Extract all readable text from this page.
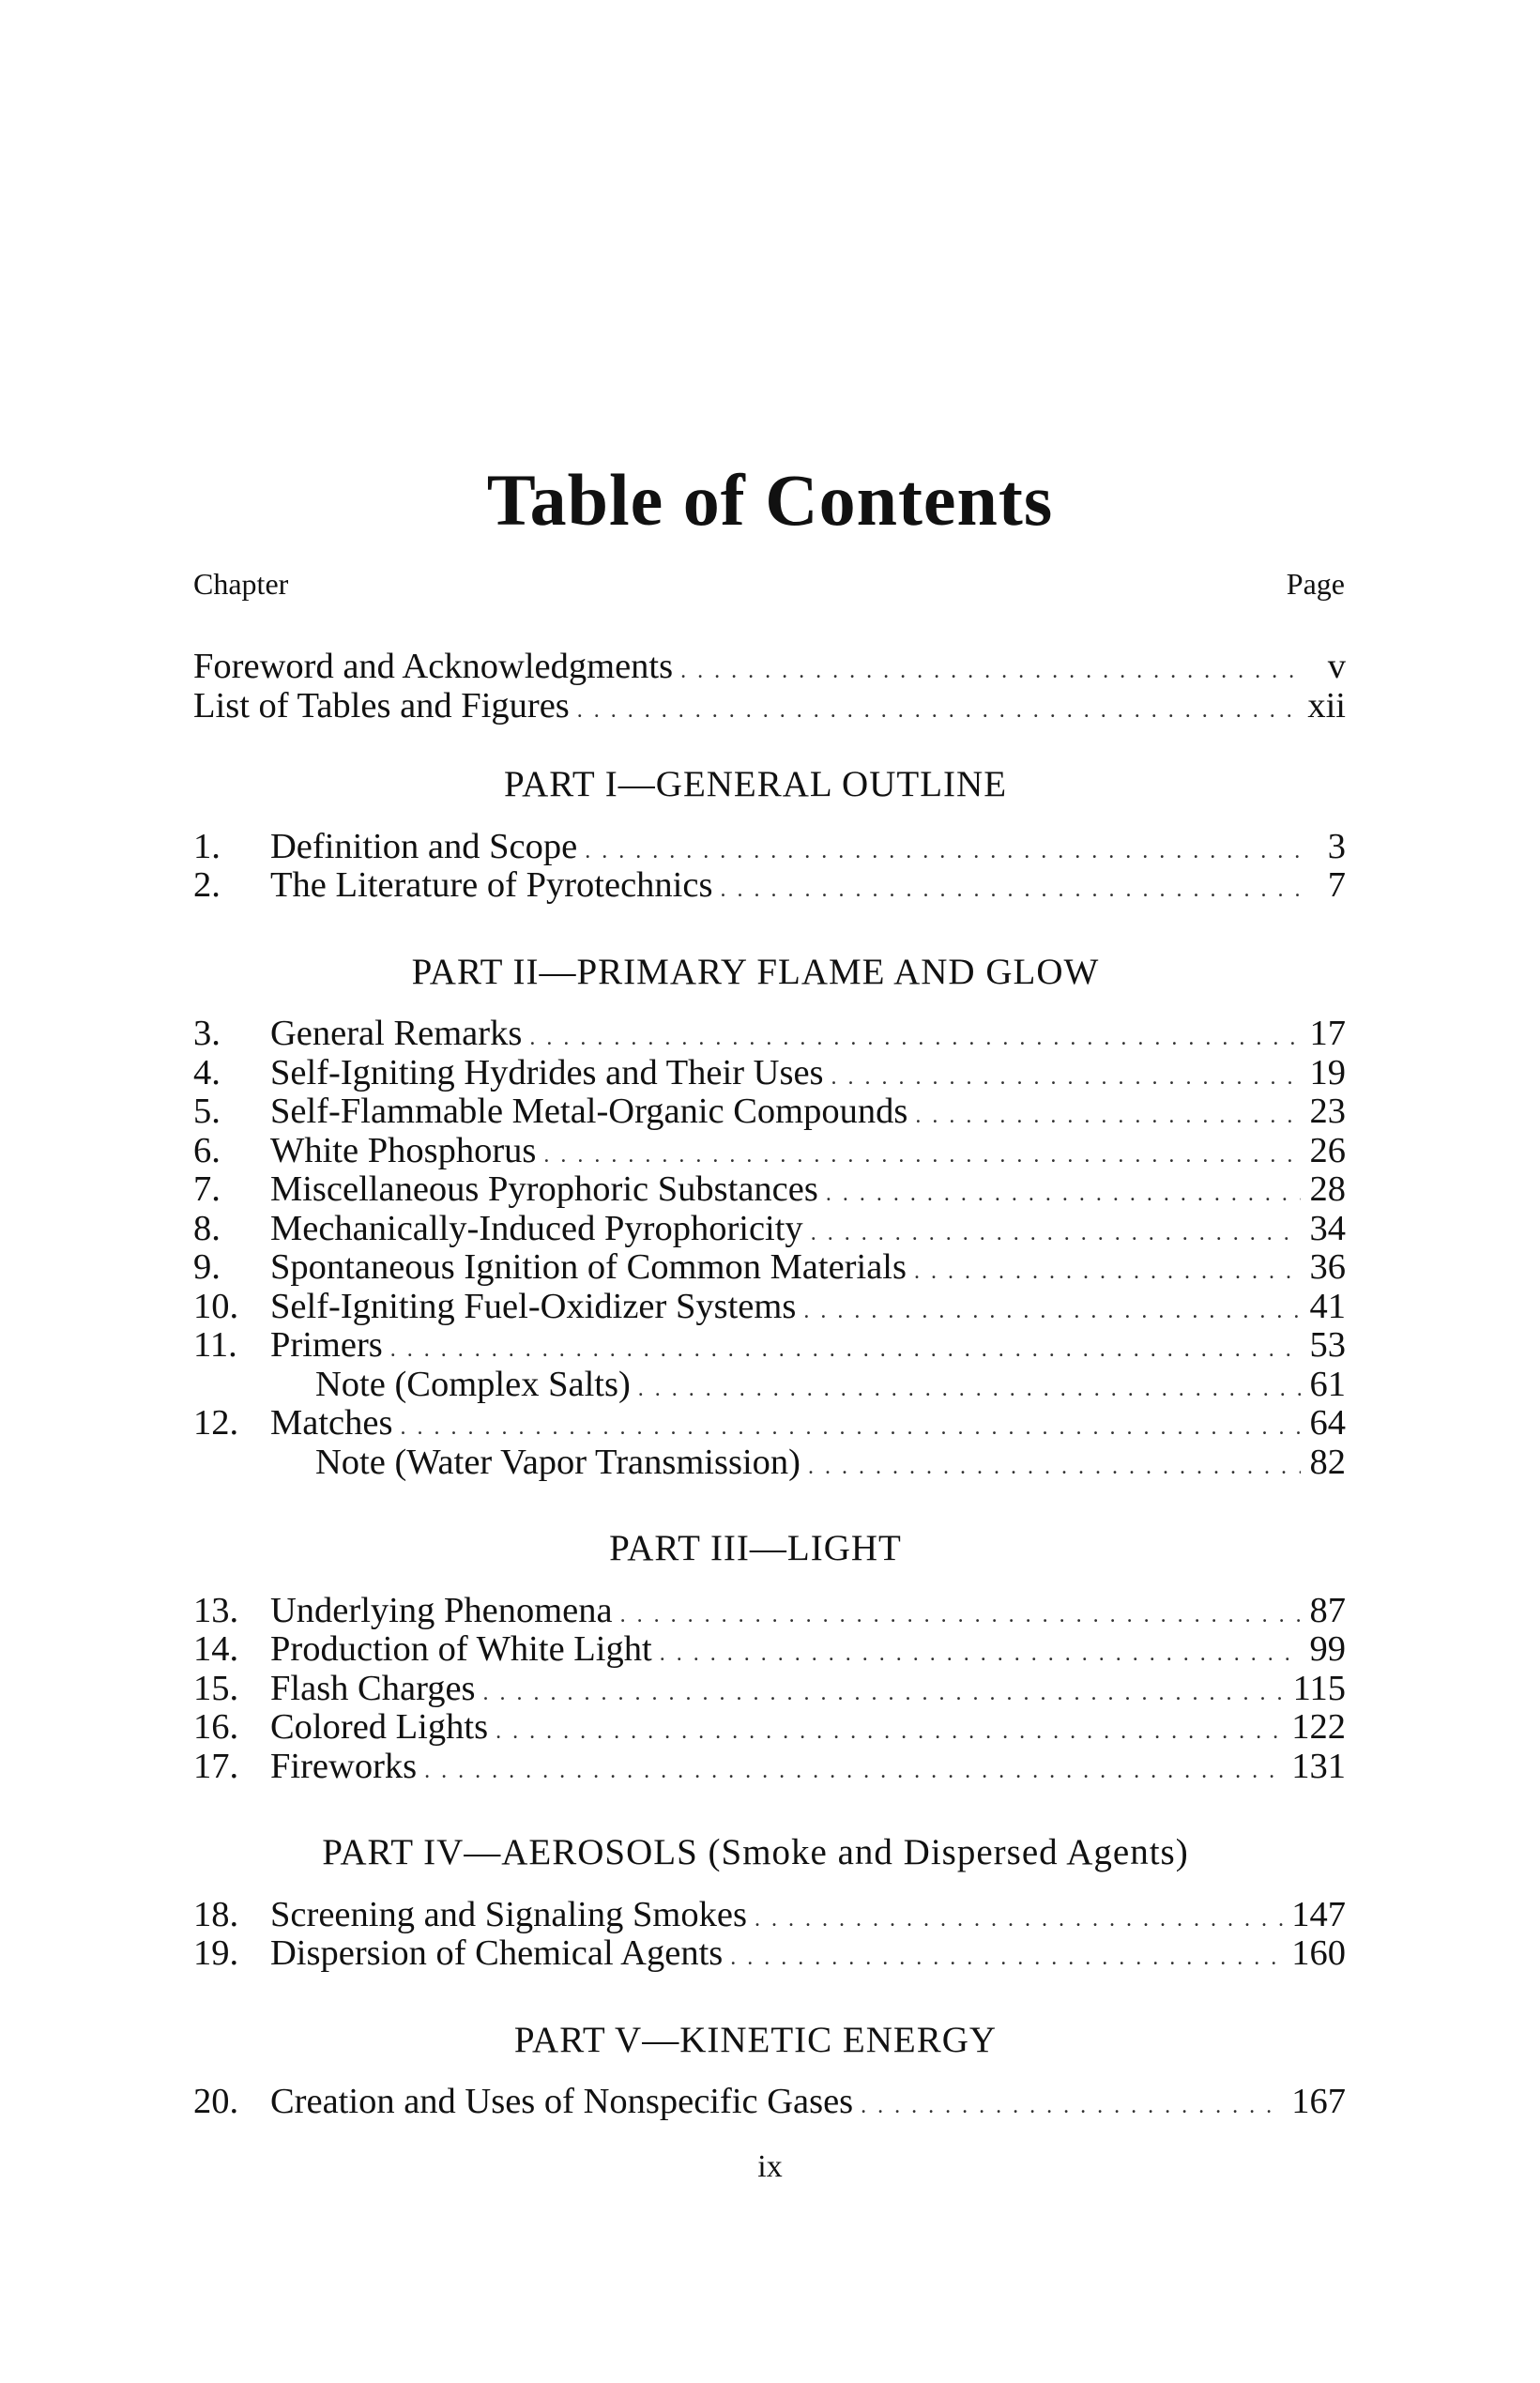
Table of Contents
Chapter	Page
Foreword and Acknowledgments . . .	v
List of Tables and Figures . . .	xii
PART I—GENERAL OUTLINE
1.	Definition and Scope . . .	3
2.	The Literature of Pyrotechnics . . .	7
PART II—PRIMARY FLAME AND GLOW
3.	General Remarks . . .	17
4.	Self-Igniting Hydrides and Their Uses . . .	19
5.	Self-Flammable Metal-Organic Compounds . . .	23
6.	White Phosphorus . . .	26
7.	Miscellaneous Pyrophoric Substances . . .	28
8.	Mechanically-Induced Pyrophoricity . . .	34
9.	Spontaneous Ignition of Common Materials . . .	36
10. Self-Igniting Fuel-Oxidizer Systems . . .	41
11. Primers . . .	53
Note (Complex Salts) . . .	61
12. Matches . . .	64
Note (Water Vapor Transmission) . . .	82
PART III—LIGHT
13. Underlying Phenomena . . .	87
14. Production of White Light . . .	99
15. Flash Charges . . .	115
16. Colored Lights . . .	122
17. Fireworks . . .	131
PART IV—AEROSOLS (Smoke and Dispersed Agents)
18. Screening and Signaling Smokes . . .	147
19. Dispersion of Chemical Agents . . .	160
PART V—KINETIC ENERGY
20. Creation and Uses of Nonspecific Gases . . .	167
ix
